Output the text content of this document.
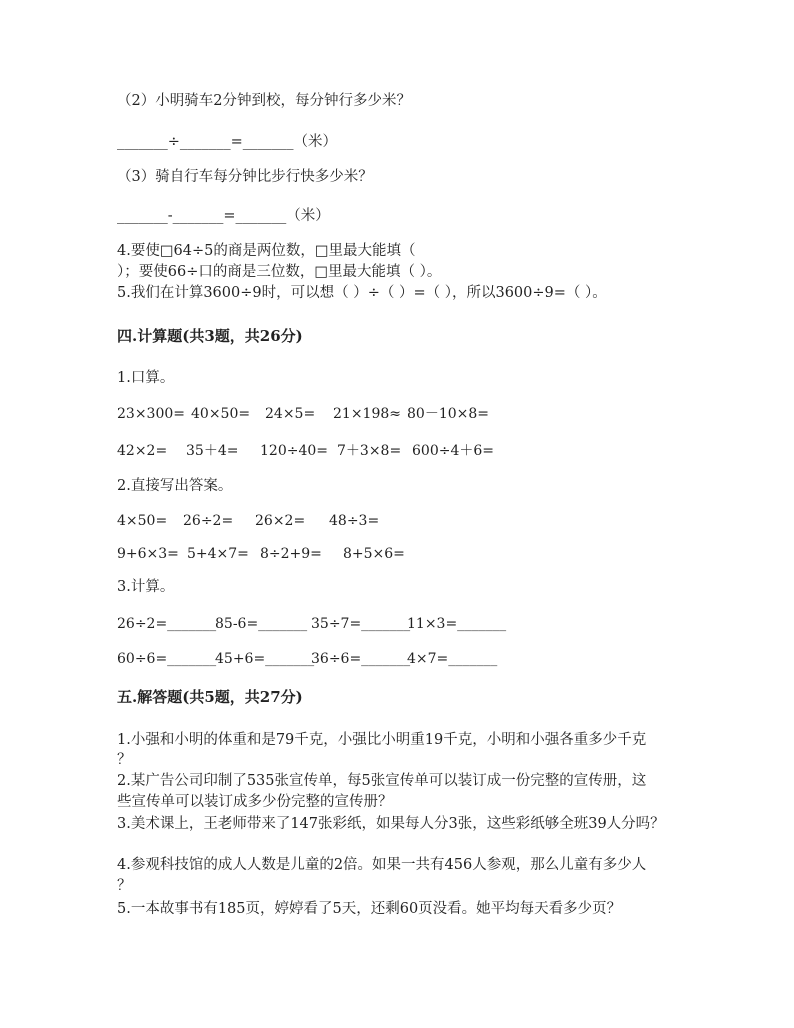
（2）小明骑车2分钟到校，每分钟行多少米？
_______÷_______=_______（米）
（3）骑自行车每分钟比步行快多少米？
_______-_______=_______（米）
4.要使□64÷5的商是两位数，□里最大能填（
）；要使66÷口的商是三位数，□里最大能填（ ）。
5.我们在计算3600÷9时，可以想（ ）÷（ ）=（ ），所以3600÷9=（ ）。
四.计算题(共3题，共26分)
1.口算。
23×300= 40×50= 24×5= 21×198≈ 80－10×8=
42×2= 35＋4= 120÷40= 7＋3×8= 600÷4＋6=
2.直接写出答案。
4×50= 26÷2= 26×2= 48÷3=
9+6×3= 5+4×7= 8÷2+9= 8+5×6=
3.计算。
26÷2=_______
85-6=_______ 35÷7=_______
11×3=_______
60÷6=_______
45+6=_______
36÷6=_______
4×7=_______
五.解答题(共5题，共27分)
1.小强和小明的体重和是79千克，小强比小明重19千克，小明和小强各重多少千克
？
2.某广告公司印制了535张宣传单，每5张宣传单可以装订成一份完整的宣传册，这
些宣传单可以装订成多少份完整的宣传册？
3.美术课上，王老师带来了147张彩纸，如果每人分3张，这些彩纸够全班39人分吗？
4.参观科技馆的成人人数是儿童的2倍。如果一共有456人参观，那么儿童有多少人
？
5.一本故事书有185页，婷婷看了5天，还剩60页没看。她平均每天看多少页？
